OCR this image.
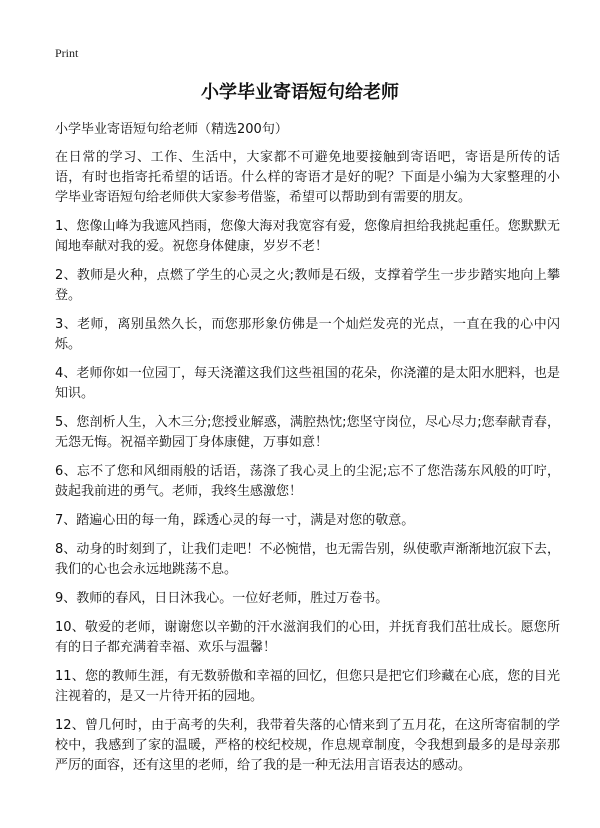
Print
小学毕业寄语短句给老师

小学毕业寄语短句给老师（精选200句）

在日常的学习、工作、生活中，大家都不可避免地要接触到寄语吧，寄语是所传的话语，有时也指寄托希望的话语。什么样的寄语才是好的呢？下面是小编为大家整理的小学毕业寄语短句给老师供大家参考借鉴，希望可以帮助到有需要的朋友。

1、您像山峰为我遮风挡雨，您像大海对我宽容有爱，您像肩担给我挑起重任。您默默无闻地奉献对我的爱。祝您身体健康，岁岁不老！

2、教师是火种，点燃了学生的心灵之火;教师是石级，支撑着学生一步步踏实地向上攀登。

3、老师，离别虽然久长，而您那形象仿佛是一个灿烂发亮的光点，一直在我的心中闪烁。

4、老师你如一位园丁，每天浇灌这我们这些祖国的花朵，你浇灌的是太阳水肥料，也是知识。

5、您剖析人生，入木三分;您授业解惑，满腔热忱;您坚守岗位，尽心尽力;您奉献青春，无怨无悔。祝福辛勤园丁身体康健，万事如意！

6、忘不了您和风细雨般的话语，荡涤了我心灵上的尘泥;忘不了您浩荡东风般的叮咛，鼓起我前进的勇气。老师，我终生感激您！

7、踏遍心田的每一角，踩透心灵的每一寸，满是对您的敬意。

8、动身的时刻到了，让我们走吧！不必惋惜，也无需告别，纵使歌声渐渐地沉寂下去，我们的心也会永远地跳荡不息。

9、教师的春风，日日沐我心。一位好老师，胜过万卷书。

10、敬爱的老师，谢谢您以辛勤的汗水滋润我们的心田，并抚育我们茁壮成长。愿您所有的日子都充满着幸福、欢乐与温馨！

11、您的教师生涯，有无数骄傲和幸福的回忆，但您只是把它们珍藏在心底，您的目光注视着的，是又一片待开拓的园地。

12、曾几何时，由于高考的失利，我带着失落的心情来到了五月花，在这所寄宿制的学校中，我感到了家的温暖，严格的校纪校规，作息规章制度，令我想到最多的是母亲那严厉的面容，还有这里的老师，给了我的是一种无法用言语表达的感动。
